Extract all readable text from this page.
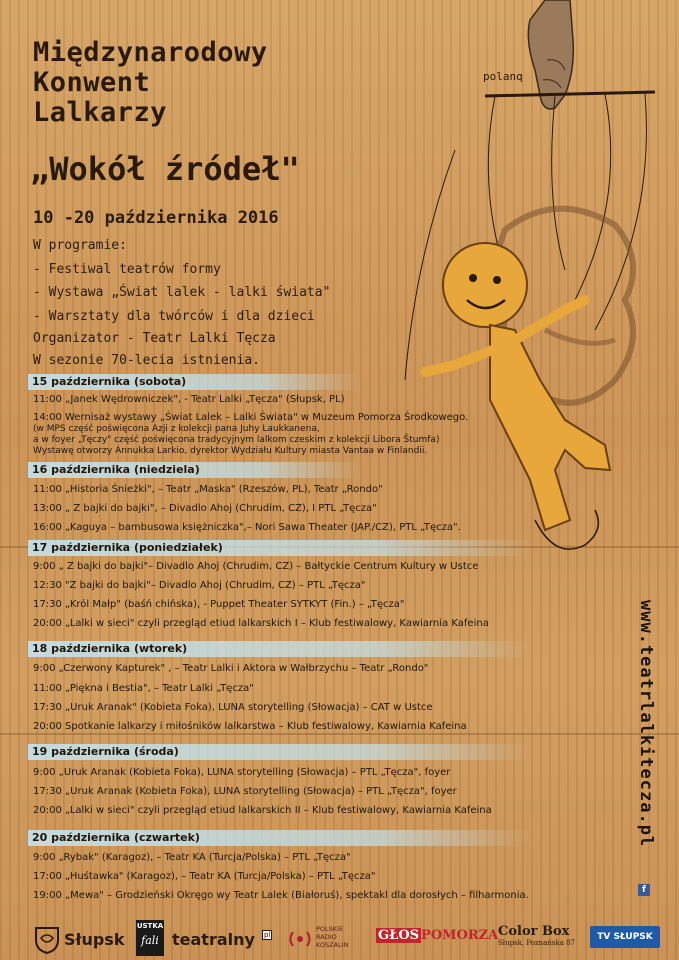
polanq
Międzynarodowy
Konwent
Lalkarzy
„Wokół źródeł"
10 -20 października 2016
W programie:
- Festiwal teatrów formy
- Wystawa „Świat lalek - lalki świata"
- Warsztaty dla twórców i dla dzieci
Organizator - Teatr Lalki Tęcza
W sezonie 70-lecia istnienia.
15 października (sobota)
11:00 „Janek Wędrowniczek", - Teatr Lalki „Tęcza" (Słupsk, PL)
14:00 Wernisaż wystawy „Świat Lalek – Lalki Świata" w Muzeum Pomorza Środkowego.
(w MPS część poświęcona Azji z kolekcji pana Juhy Laukkanena,
a w foyer „Tęczy" część poświęcona tradycyjnym lalkom czeskim z kolekcji Libora Štumfa)
Wystawę otworzy Annukka Larkio, dyrektor Wydziału Kultury miasta Vantaa w Finlandii.
16 października (niedziela)
11:00 „Historia Śnieżki", – Teatr „Maska" (Rzeszów, PL), Teatr „Rondo"
13:00 „ Z bajki do bajki", – Divadlo Ahoj (Chrudim, CZ), I PTL „Tęcza"
16:00 „Kaguya – bambusowa księżniczka",– Nori Sawa Theater (JAP./CZ), PTL „Tęcza".
17 października (poniedziałek)
9:00 „ Z bajki do bajki"– Divadlo Ahoj (Chrudim, CZ) – Bałtyckie Centrum Kultury w Ustce
12:30 "Z bajki do bajki"– Divadlo Ahoj (Chrudim, CZ) – PTL „Tęcza"
17:30 „Król Małp" (baśń chińska), - Puppet Theater SYTKYT (Fin.) – „Tęcza"
20:00 „Lalki w sieci" czyli przegląd etiud lalkarskich I – Klub festiwalowy, Kawiarnia Kafeina
18 października (wtorek)
9:00 „Czerwony Kapturek" , – Teatr Lalki i Aktora w Wałbrzychu – Teatr „Rondo"
11:00 „Piękna i Bestia", – Teatr Lalki „Tęcza"
17:30 „Uruk Aranak" (Kobieta Foka), LUNA storytelling (Słowacja) – CAT w Ustce
20:00 Spotkanie lalkarzy i miłośników lalkarstwa – Klub festiwalowy, Kawiarnia Kafeina
19 października (środa)
9:00 „Uruk Aranak (Kobieta Foka), LUNA storytelling (Słowacja) – PTL „Tęcza", foyer
17:30 „Uruk Aranak (Kobieta Foka), LUNA storytelling (Słowacja) – PTL „Tęcza", foyer
20:00 „Lalki w sieci" czyli przegląd etiud lalkarskich II – Klub festiwalowy, Kawiarnia Kafeina
20 października (czwartek)
9:00 „Rybak" (Karagoz), – Teatr KA (Turcja/Polska) – PTL „Tęcza"
17:00 „Huśtawka" (Karagoz), – Teatr KA (Turcja/Polska) – PTL „Tęcza"
19:00 „Mewa" – Grodzieński Okręgo wy Teatr Lalek (Białoruś), spektakl dla dorosłych – filharmonia.
www.teatrlalkitecza.pl
f
Słupsk
USTKA
fali teatralny pl
POLSKIE
RADIO
KOSZALIN
GŁOS POMORZA Color Box
Słupsk, Poznańska 87
TV SŁUPSK
